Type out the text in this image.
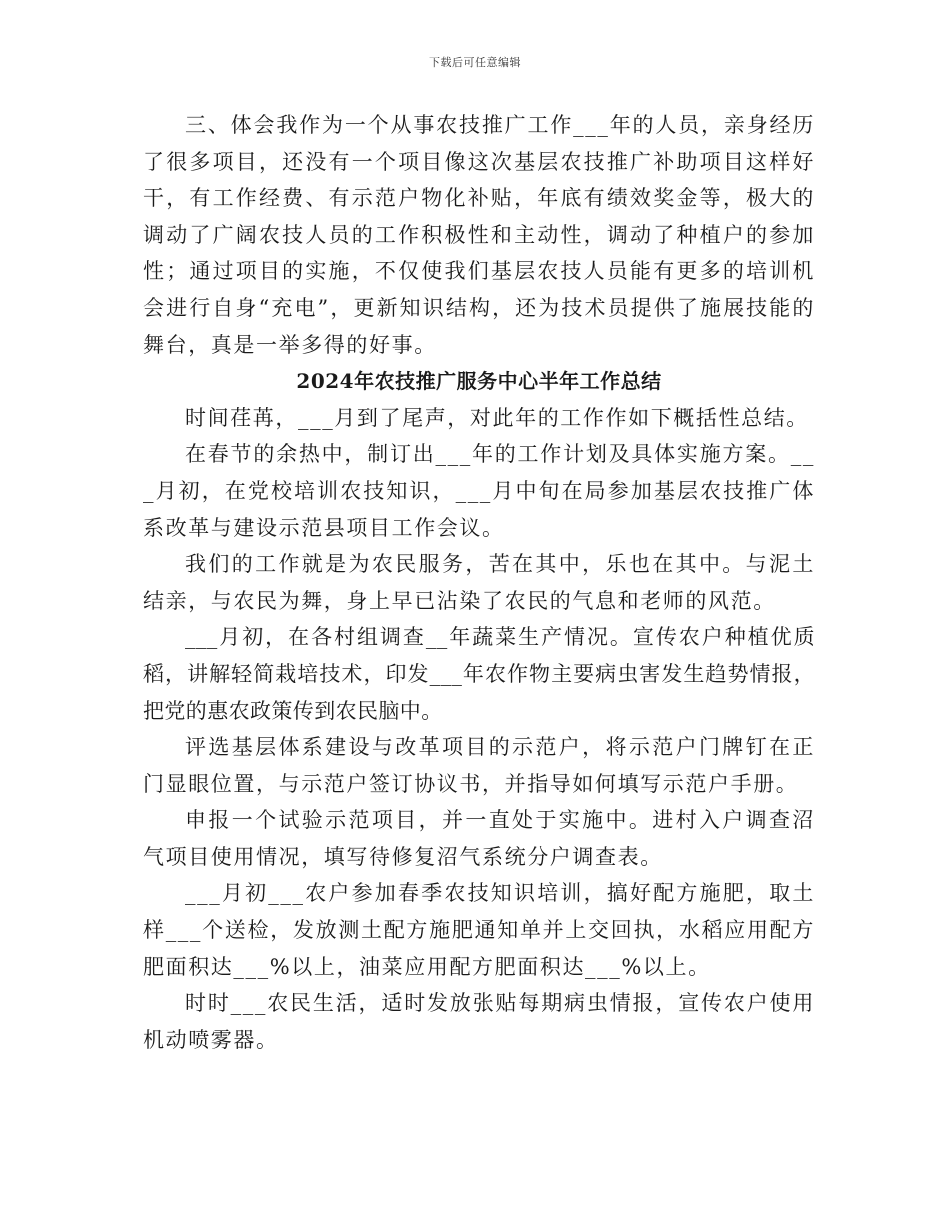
下载后可任意编辑

三、体会我作为一个从事农技推广工作___年的人员，亲身经历了很多项目，还没有一个项目像这次基层农技推广补助项目这样好干，有工作经费、有示范户物化补贴，年底有绩效奖金等，极大的调动了广阔农技人员的工作积极性和主动性，调动了种植户的参加性；通过项目的实施，不仅使我们基层农技人员能有更多的培训机会进行自身“充电”，更新知识结构，还为技术员提供了施展技能的舞台，真是一举多得的好事。

2024年农技推广服务中心半年工作总结

时间荏苒，___月到了尾声，对此年的工作作如下概括性总结。

在春节的余热中，制订出___年的工作计划及具体实施方案。___月初，在党校培训农技知识，___月中旬在局参加基层农技推广体系改革与建设示范县项目工作会议。

我们的工作就是为农民服务，苦在其中，乐也在其中。与泥土结亲，与农民为舞，身上早已沾染了农民的气息和老师的风范。

___月初，在各村组调查__年蔬菜生产情况。宣传农户种植优质稻，讲解轻简栽培技术，印发___年农作物主要病虫害发生趋势情报，把党的惠农政策传到农民脑中。

评选基层体系建设与改革项目的示范户，将示范户门牌钉在正门显眼位置，与示范户签订协议书，并指导如何填写示范户手册。

申报一个试验示范项目，并一直处于实施中。进村入户调查沼气项目使用情况，填写待修复沼气系统分户调查表。

___月初___农户参加春季农技知识培训，搞好配方施肥，取土样___个送检，发放测土配方施肥通知单并上交回执，水稻应用配方肥面积达___%以上，油菜应用配方肥面积达___%以上。

时时___农民生活，适时发放张贴每期病虫情报，宣传农户使用机动喷雾器。
